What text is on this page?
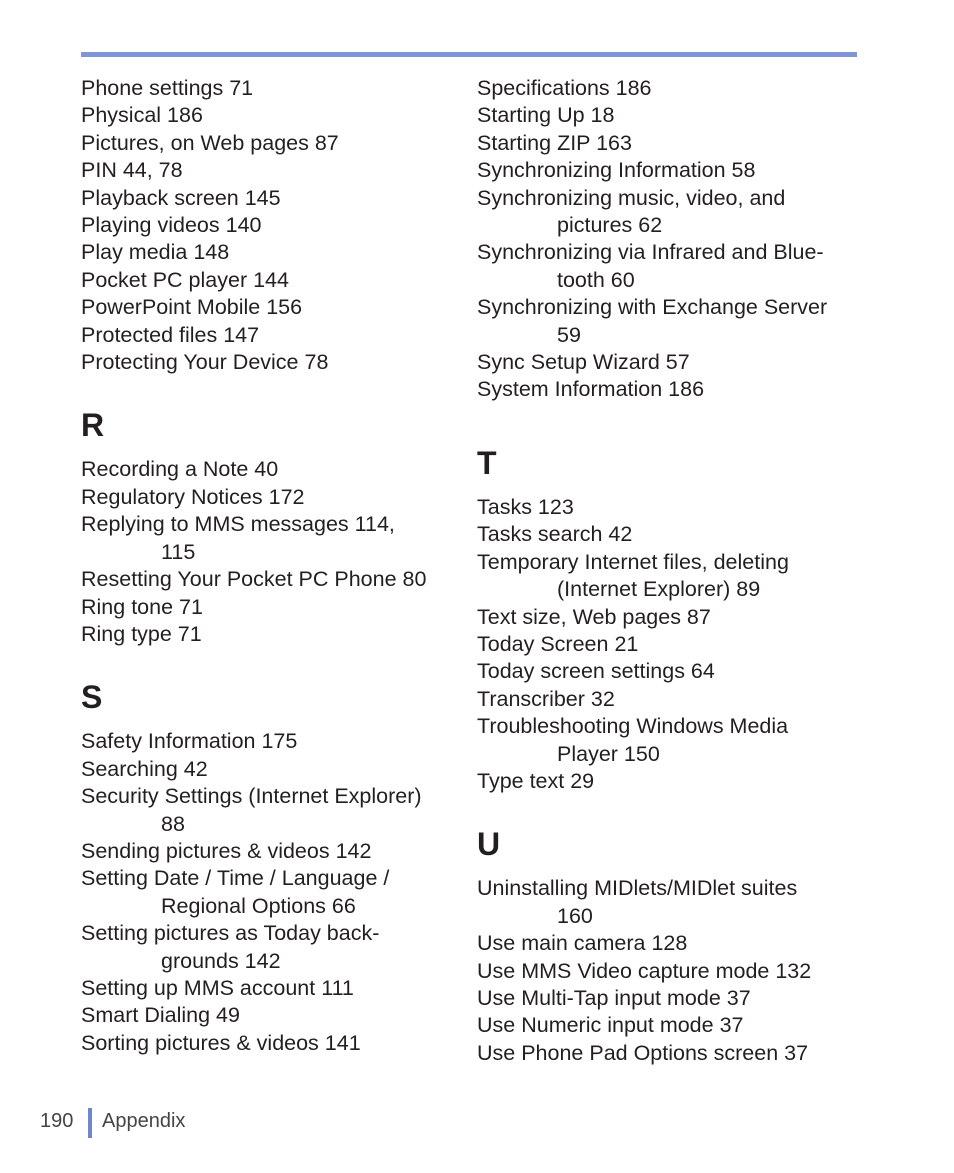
Phone settings 71
Physical 186
Pictures, on Web pages 87
PIN 44, 78
Playback screen 145
Playing videos 140
Play media 148
Pocket PC player 144
PowerPoint Mobile 156
Protected files 147
Protecting Your Device 78
R
Recording a Note 40
Regulatory Notices 172
Replying to MMS messages 114,
115
Resetting Your Pocket PC Phone 80
Ring tone 71
Ring type 71
S
Safety Information 175
Searching 42
Security Settings (Internet Explorer)
88
Sending pictures & videos 142
Setting Date / Time / Language /
Regional Options 66
Setting pictures as Today back-
grounds 142
Setting up MMS account 111
Smart Dialing 49
Sorting pictures & videos 141
Specifications 186
Starting Up 18
Starting ZIP 163
Synchronizing Information 58
Synchronizing music, video, and
pictures 62
Synchronizing via Infrared and Blue-
tooth 60
Synchronizing with Exchange Server
59
Sync Setup Wizard 57
System Information 186
T
Tasks 123
Tasks search 42
Temporary Internet files, deleting
(Internet Explorer) 89
Text size, Web pages 87
Today Screen 21
Today screen settings 64
Transcriber 32
Troubleshooting Windows Media
Player 150
Type text 29
U
Uninstalling MIDlets/MIDlet suites
160
Use main camera 128
Use MMS Video capture mode 132
Use Multi-Tap input mode 37
Use Numeric input mode 37
Use Phone Pad Options screen 37
190 Appendix
